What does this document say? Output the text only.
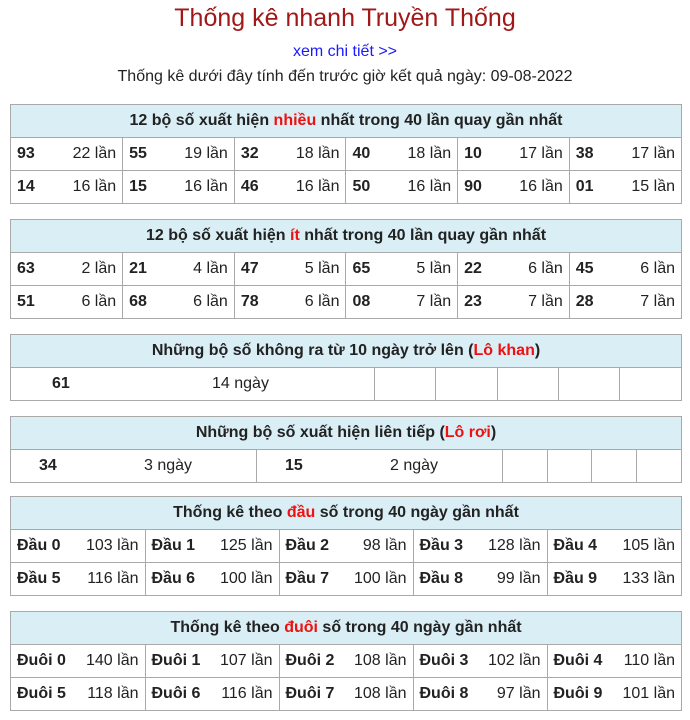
Thống kê nhanh Truyền Thống
xem chi tiết >>
Thống kê dưới đây tính đến trước giờ kết quả ngày: 09-08-2022
12 bộ số xuất hiện nhiều nhất trong 40 lần quay gần nhất
93 22 lần	55 19 lần	32 18 lần	40 18 lần	10 17 lần	38 17 lần

14 16 lần	15 16 lần	46 16 lần	50 16 lần	90 16 lần	01 15 lần
12 bộ số xuất hiện ít nhất trong 40 lần quay gần nhất
63 2 lần	21 4 lần	47 5 lần	65 5 lần	22 6 lần	45 6 lần

51 6 lần	68 6 lần	78 6 lần	08 7 lần	23 7 lần	28 7 lần
Những bộ số không ra từ 10 ngày trở lên (Lô khan)
61	14 ngày

Những bộ số xuất hiện liên tiếp (Lô rơi)
34	3 ngày	15	2 ngày

Thống kê theo đầu số trong 40 ngày gần nhất
Đầu 0 103 lần	Đầu 1 125 lần	Đầu 2 98 lần	Đầu 3 128 lần	Đầu 4 105 lần

Đầu 5 116 lần	Đầu 6 100 lần	Đầu 7 100 lần	Đầu 8 99 lần	Đầu 9 133 lần
Thống kê theo đuôi số trong 40 ngày gần nhất
Đuôi 0 140 lần	Đuôi 1 107 lần	Đuôi 2 108 lần	Đuôi 3 102 lần	Đuôi 4 110 lần

Đuôi 5 118 lần	Đuôi 6 116 lần	Đuôi 7 108 lần	Đuôi 8 97 lần	Đuôi 9 101 lần
